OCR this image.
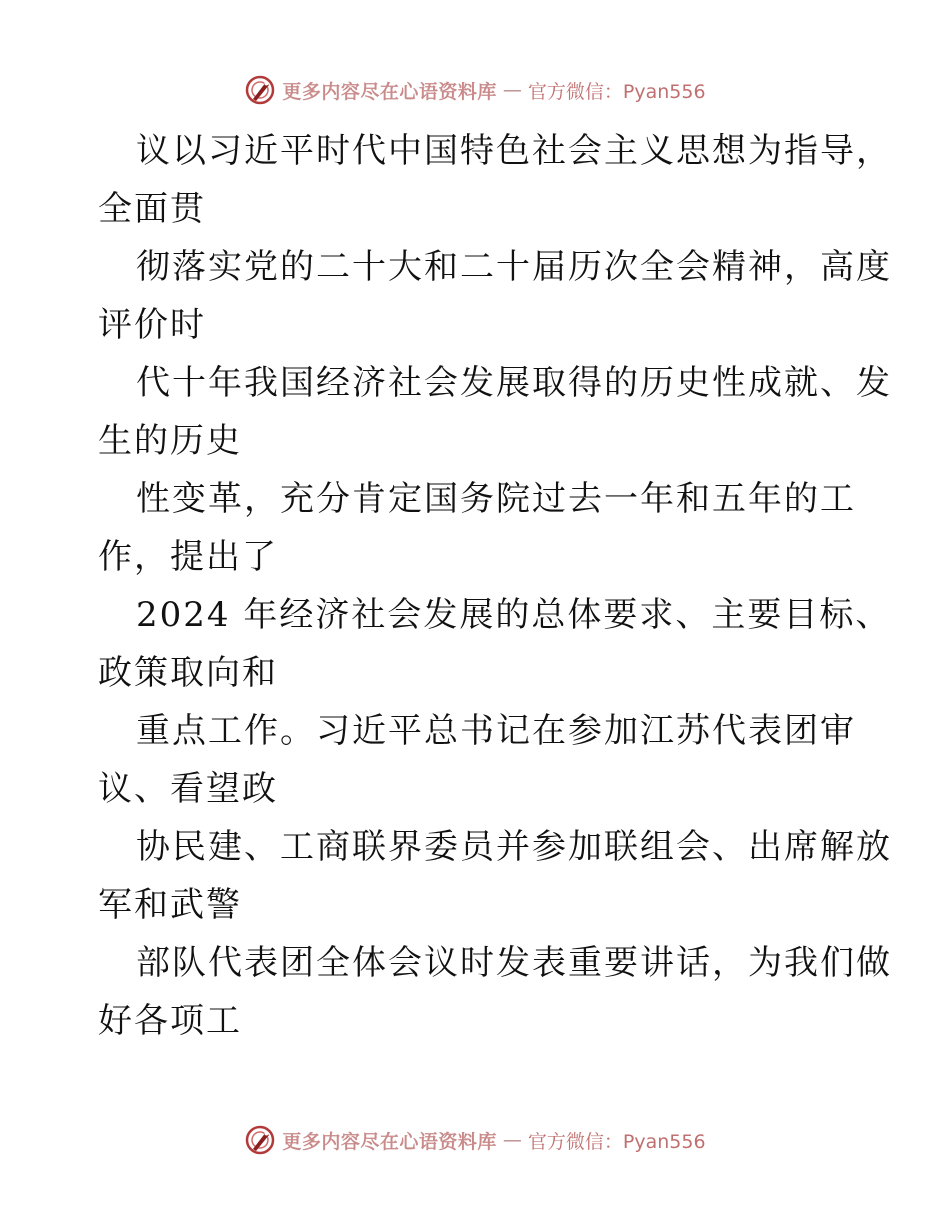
更多内容尽在心语资料库 — 官方微信：Pyan556

议以习近平时代中国特色社会主义思想为指导，
全面贯

彻落实党的二十大和二十届历次全会精神，高度
评价时

代十年我国经济社会发展取得的历史性成就、发
生的历史

性变革，充分肯定国务院过去一年和五年的工
作，提出了

2024 年经济社会发展的总体要求、主要目标、
政策取向和

重点工作。习近平总书记在参加江苏代表团审
议、看望政

协民建、工商联界委员并参加联组会、出席解放
军和武警

部队代表团全体会议时发表重要讲话，为我们做
好各项工

更多内容尽在心语资料库 — 官方微信：Pyan556
